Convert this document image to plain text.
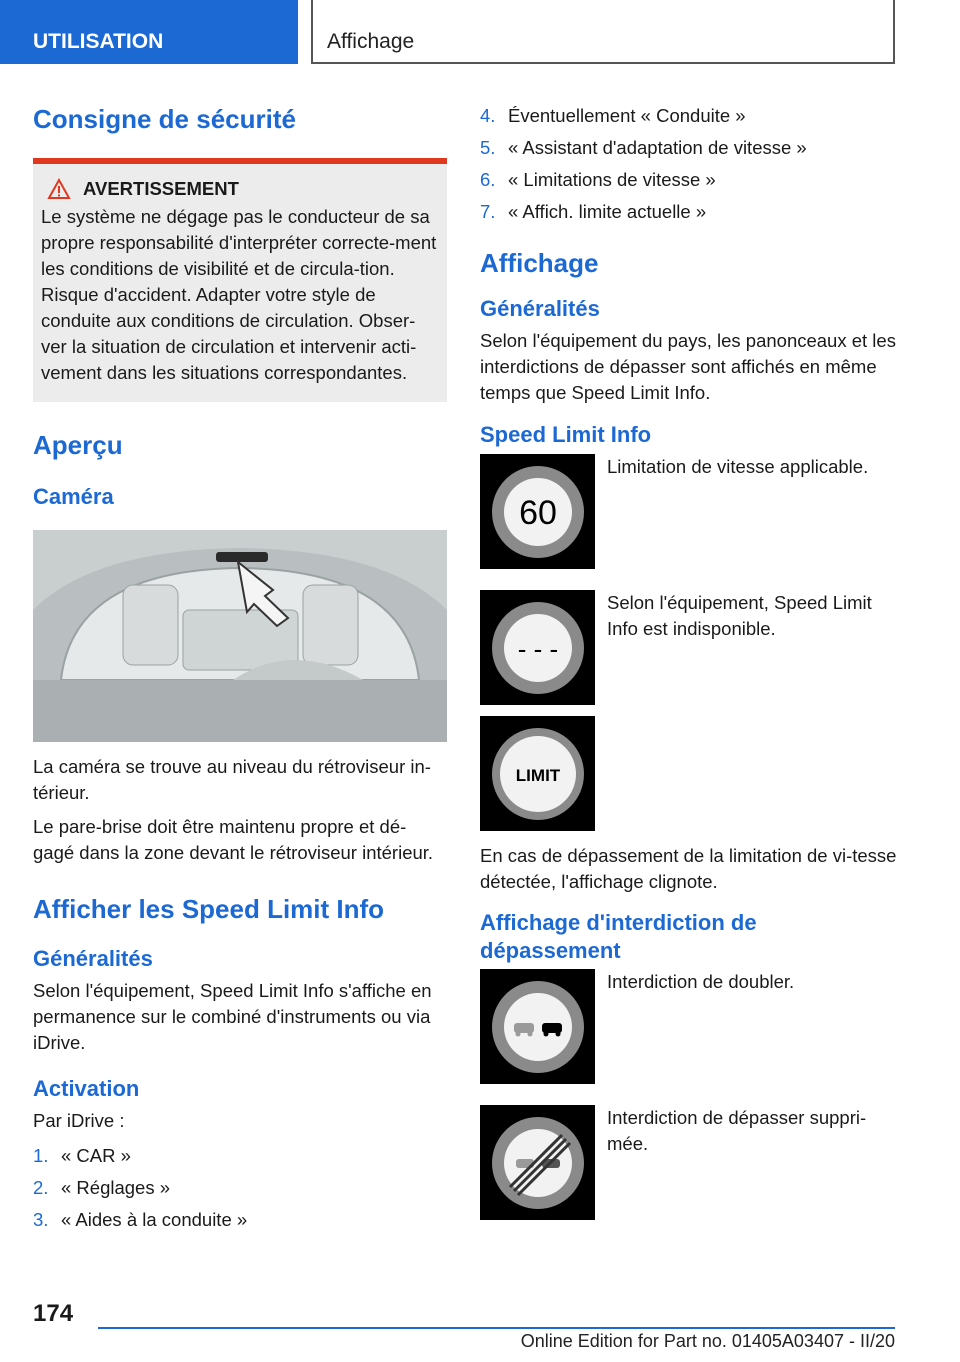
UTILISATION	Affichage
Consigne de sécurité
AVERTISSEMENT

Le système ne dégage pas le conducteur de sa propre responsabilité d'interpréter correcte-ment les conditions de visibilité et de circula-tion. Risque d'accident. Adapter votre style de conduite aux conditions de circulation. Obser-ver la situation de circulation et intervenir acti-vement dans les situations correspondantes.

Aperçu
Caméra

La caméra se trouve au niveau du rétroviseur in-térieur.

Le pare-brise doit être maintenu propre et dé-gagé dans la zone devant le rétroviseur intérieur.

Afficher les Speed Limit Info
Généralités

Selon l'équipement, Speed Limit Info s'affiche en permanence sur le combiné d'instruments ou via iDrive.

Activation

Par iDrive :

1. « CAR »
2. « Réglages »
3. « Aides à la conduite »
4. Éventuellement « Conduite »
5. « Assistant d'adaptation de vitesse »
6. « Limitations de vitesse »
7. « Affich. limite actuelle »
Affichage
Généralités

Selon l'équipement du pays, les panonceaux et les interdictions de dépasser sont affichés en même temps que Speed Limit Info.

Speed Limit Info
60
Limitation de vitesse applicable.
- - -
Selon l'équipement, Speed Limit Info est indisponible.
LIMIT

En cas de dépassement de la limitation de vi-tesse détectée, l'affichage clignote.

Affichage d'interdiction de dépassement
Interdiction de doubler.
Interdiction de dépasser suppri-mée.
174
Online Edition for Part no. 01405A03407 - II/20
